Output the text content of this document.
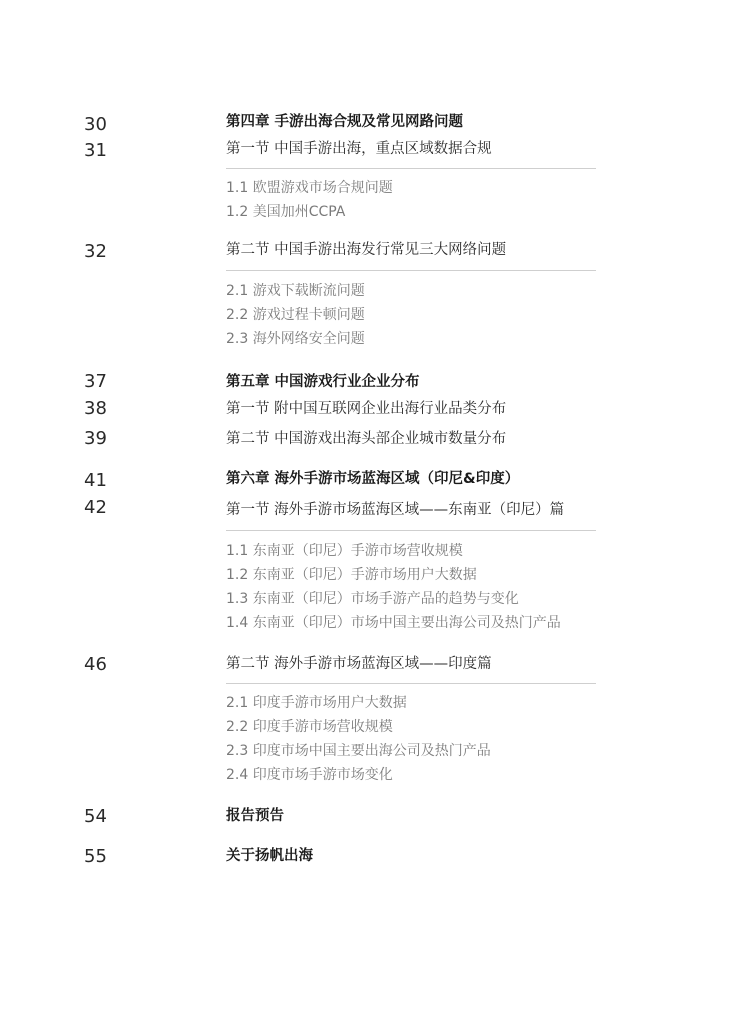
30	第四章 手游出海合规及常见网路问题
31	第一节 中国手游出海，重点区域数据合规
1.1 欧盟游戏市场合规问题
1.2 美国加州CCPA
32	第二节 中国手游出海发行常见三大网络问题
2.1 游戏下载断流问题
2.2 游戏过程卡顿问题
2.3 海外网络安全问题
37	第五章 中国游戏行业企业分布
38	第一节 附中国互联网企业出海行业品类分布
39	第二节 中国游戏出海头部企业城市数量分布
41	第六章 海外手游市场蓝海区域（印尼&印度）
42	第一节 海外手游市场蓝海区域——东南亚（印尼）篇
1.1 东南亚（印尼）手游市场营收规模
1.2 东南亚（印尼）手游市场用户大数据
1.3 东南亚（印尼）市场手游产品的趋势与变化
1.4 东南亚（印尼）市场中国主要出海公司及热门产品
46	第二节 海外手游市场蓝海区域——印度篇
2.1 印度手游市场用户大数据
2.2 印度手游市场营收规模
2.3 印度市场中国主要出海公司及热门产品
2.4 印度市场手游市场变化
54	报告预告
55	关于扬帆出海
